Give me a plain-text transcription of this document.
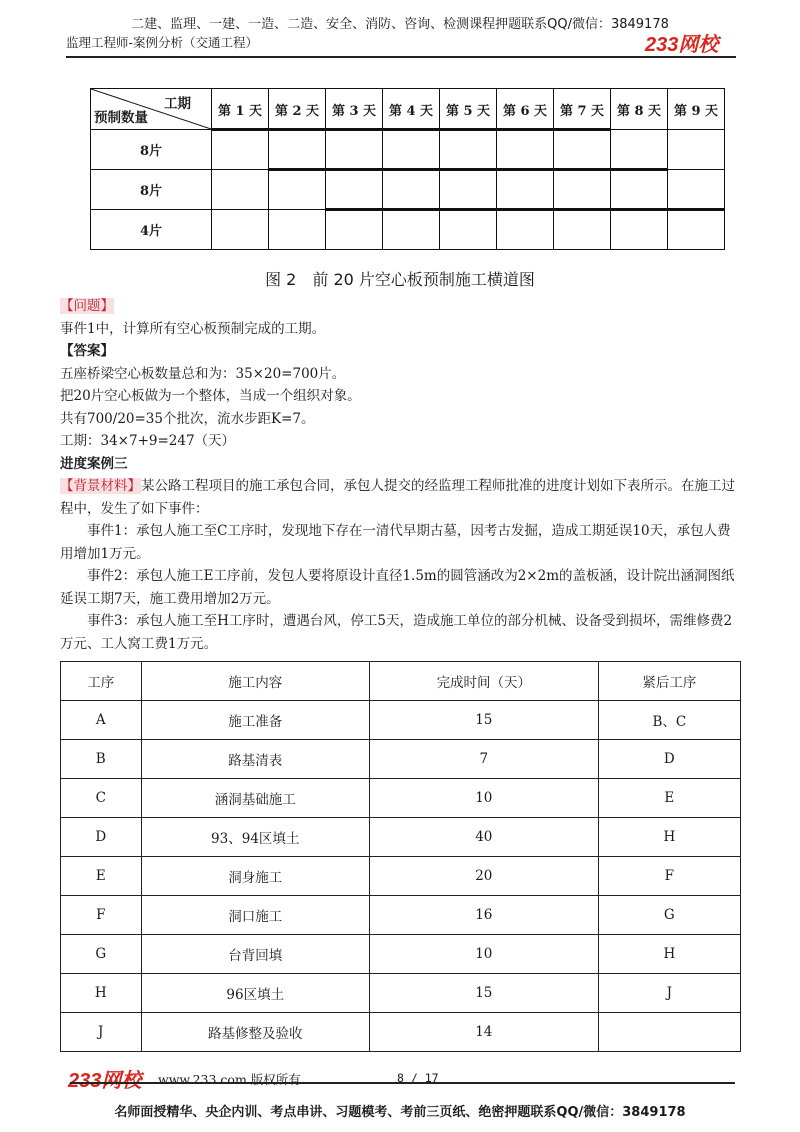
二建、监理、一建、一造、二造、安全、消防、咨询、检测课程押题联系QQ/微信：3849178
监理工程师-案例分析（交通工程）	233网校
工期
预制数量	第 1 天	第 2 天	第 3 天	第 4 天	第 5 天	第 6 天	第 7 天	第 8 天	第 9 天
8片	

8片		

4片			

图 2　前 20 片空心板预制施工横道图
【问题】
事件1中，计算所有空心板预制完成的工期。
【答案】
五座桥梁空心板数量总和为：35×20=700片。
把20片空心板做为一个整体，当成一个组织对象。
共有700/20=35个批次，流水步距K=7。
工期：34×7+9=247（天）
进度案例三
【背景材料】某公路工程项目的施工承包合同，承包人提交的经监理工程师批准的进度计划如下表所示。在施工过程中，发生了如下事件：
事件1：承包人施工至C工序时，发现地下存在一清代早期古墓，因考古发掘，造成工期延误10天，承包人费用增加1万元。
事件2：承包人施工E工序前，发包人要将原设计直径1.5m的圆管涵改为2×2m的盖板涵，设计院出涵洞图纸延误工期7天，施工费用增加2万元。
事件3：承包人施工至H工序时，遭遇台风，停工5天，造成施工单位的部分机械、设备受到损坏，需维修费2万元、工人窝工费1万元。
工序	施工内容	完成时间（天）	紧后工序
A	施工准备	15	B、C
B	路基清表	7	D
C	涵洞基础施工	10	E
D	93、94区填土	40	H
E	洞身施工	20	F
F	洞口施工	16	G
G	台背回填	10	H
H	96区填土	15	J
J	路基修整及验收	14	
233网校 www.233.com 版权所有	8 / 17
名师面授精华、央企内训、考点串讲、习题模考、考前三页纸、绝密押题联系QQ/微信：3849178
